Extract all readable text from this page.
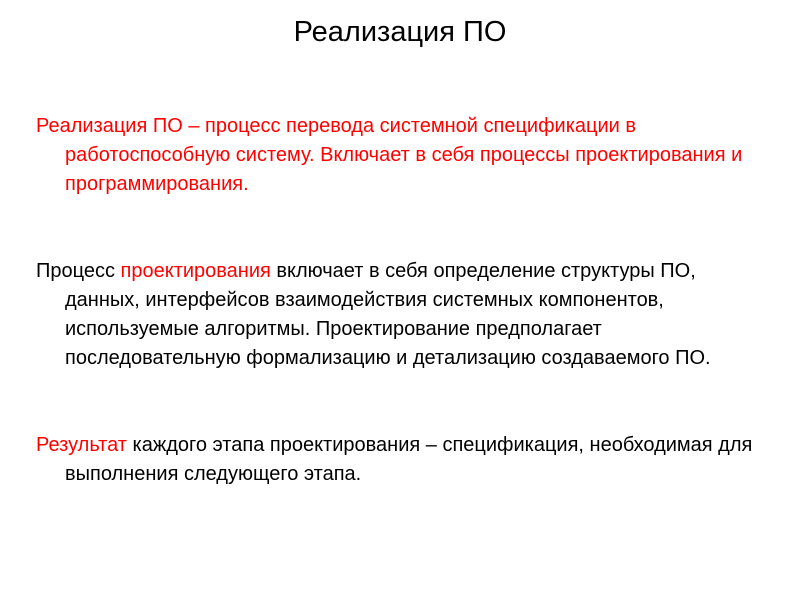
Реализация ПО

Реализация ПО – процесс перевода системной спецификации в работоспособную систему. Включает в себя процессы проектирования и программирования.

Процесс проектирования включает в себя определение структуры ПО, данных, интерфейсов взаимодействия системных компонентов, используемые алгоритмы. Проектирование предполагает последовательную формализацию и детализацию создаваемого ПО.

Результат каждого этапа проектирования – спецификация, необходимая для выполнения следующего этапа.
